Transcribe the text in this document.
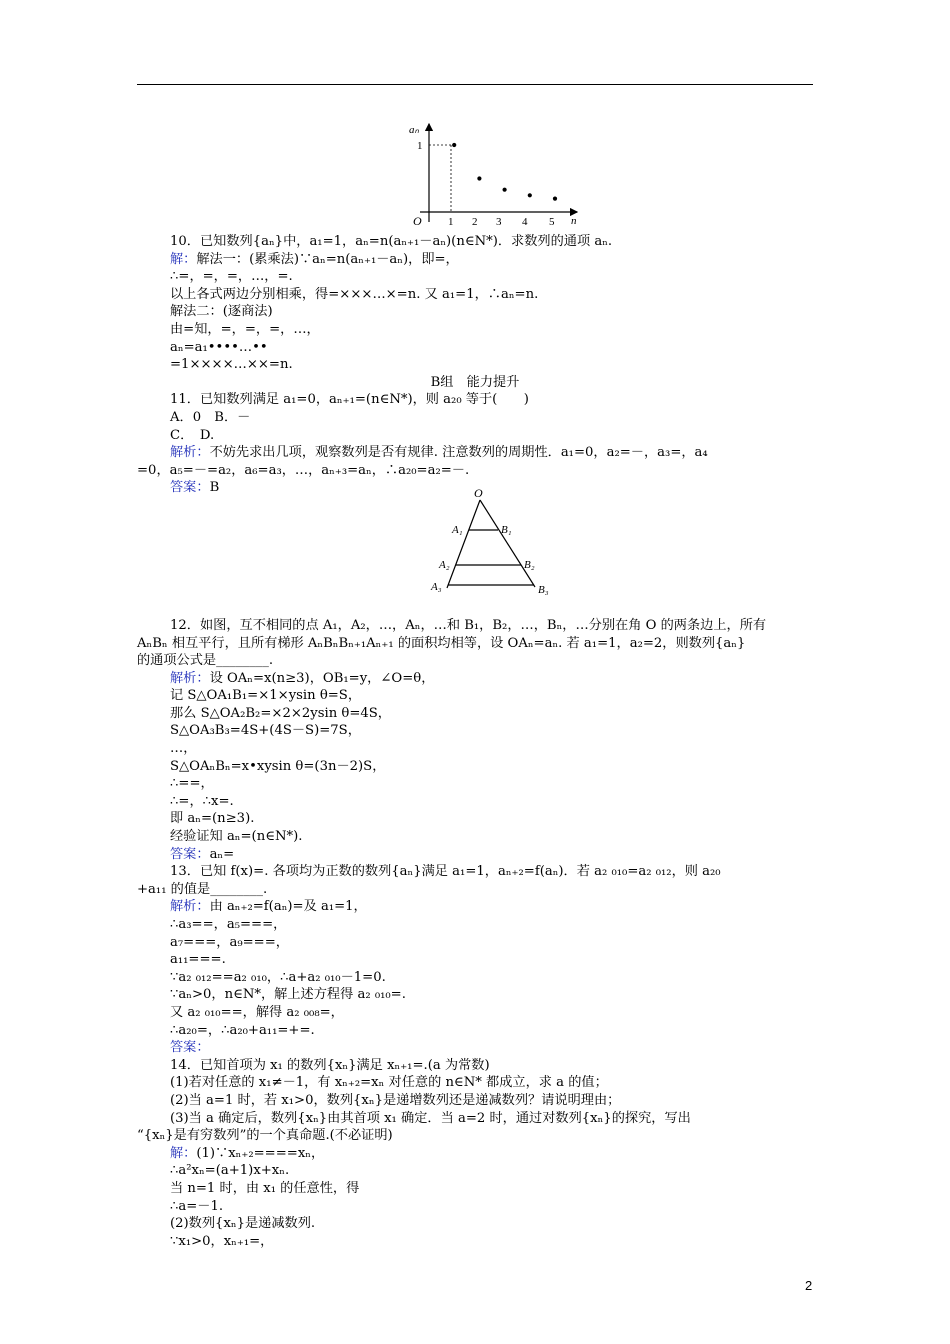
aₙ
n
O
1
1 2 3 4 5
O
A₁	B₁
A₂	B₂
A₃	B₃
10．已知数列{aₙ}中，a₁=1，aₙ=n(aₙ₊₁－aₙ)(n∈N*)．求数列的通项 aₙ.
解：解法一：(累乘法)∵aₙ=n(aₙ₊₁－aₙ)，即=，
∴=，=，=，…，=.
以上各式两边分别相乘，得=×××…×=n. 又 a₁=1，∴aₙ=n.
解法二：(逐商法)
由=知，=，=，=，…，
aₙ=a₁••••…••
=1××××…××=n.
B组　能力提升
11．已知数列满足 a₁=0，aₙ₊₁=(n∈N*)，则 a₂₀ 等于(　　)
A．0　B．－
C．　D.
解析：不妨先求出几项，观察数列是否有规律. 注意数列的周期性．a₁=0，a₂=－，a₃=，a₄
=0，a₅=－=a₂，a₆=a₃，…，aₙ₊₃=aₙ，∴a₂₀=a₂=－.
答案：B
12．如图，互不相同的点 A₁，A₂，…，Aₙ，…和 B₁，B₂，…，Bₙ，…分别在角 O 的两条边上，所有
AₙBₙ 相互平行，且所有梯形 AₙBₙBₙ₊₁Aₙ₊₁ 的面积均相等，设 OAₙ=aₙ. 若 a₁=1，a₂=2，则数列{aₙ}
的通项公式是________.
解析：设 OAₙ=x(n≥3)，OB₁=y，∠O=θ，
记 S△OA₁B₁=×1×ysin θ=S，
那么 S△OA₂B₂=×2×2ysin θ=4S，
S△OA₃B₃=4S+(4S－S)=7S，
…，
S△OAₙBₙ=x•xysin θ=(3n－2)S，
∴==，
∴=，∴x=.
即 aₙ=(n≥3).
经验证知 aₙ=(n∈N*).
答案：aₙ=
13．已知 f(x)=. 各项均为正数的数列{aₙ}满足 a₁=1，aₙ₊₂=f(aₙ)．若 a₂ ₀₁₀=a₂ ₀₁₂，则 a₂₀
+a₁₁ 的值是________.
解析：由 aₙ₊₂=f(aₙ)=及 a₁=1，
∴a₃==，a₅===，
a₇===，a₉===，
a₁₁===.
∵a₂ ₀₁₂==a₂ ₀₁₀，∴a+a₂ ₀₁₀－1=0.
∵aₙ>0，n∈N*，解上述方程得 a₂ ₀₁₀=.
又 a₂ ₀₁₀==，解得 a₂ ₀₀₈=，
∴a₂₀=，∴a₂₀+a₁₁=+=.
答案：
14．已知首项为 x₁ 的数列{xₙ}满足 xₙ₊₁=.(a 为常数)
(1)若对任意的 x₁≠－1，有 xₙ₊₂=xₙ 对任意的 n∈N* 都成立，求 a 的值；
(2)当 a=1 时，若 x₁>0，数列{xₙ}是递增数列还是递减数列？请说明理由；
(3)当 a 确定后，数列{xₙ}由其首项 x₁ 确定．当 a=2 时，通过对数列{xₙ}的探究，写出
“{xₙ}是有穷数列”的一个真命题.(不必证明)
解：(1)∵xₙ₊₂====xₙ，
∴a²xₙ=(a+1)x+xₙ.
当 n=1 时，由 x₁ 的任意性，得
∴a=－1.
(2)数列{xₙ}是递减数列.
∵x₁>0，xₙ₊₁=，
2
